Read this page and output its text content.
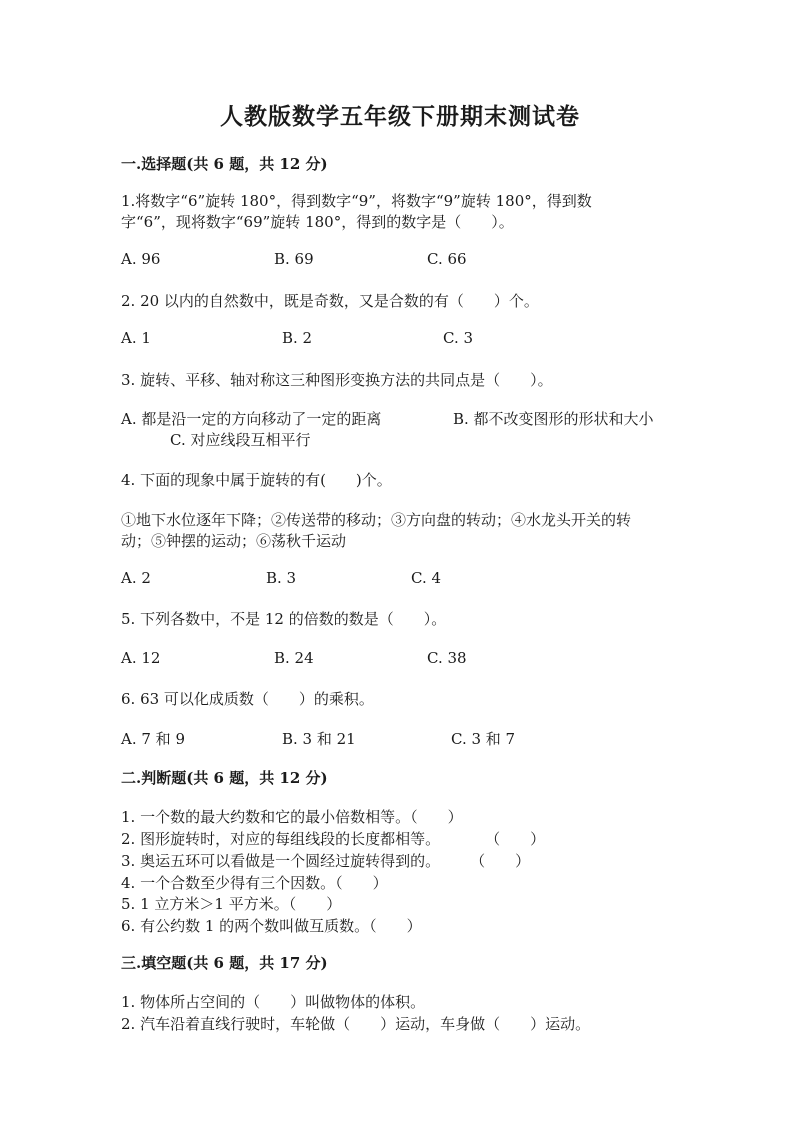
人教版数学五年级下册期末测试卷
一.选择题(共 6 题，共 12 分)
1.将数字“6”旋转 180°，得到数字“9”，将数字“9”旋转 180°，得到数
字“6”，现将数字“69”旋转 180°，得到的数字是（　　）。
A. 96	B. 69	C. 66
2. 20 以内的自然数中，既是奇数，又是合数的有（　　）个。
A. 1	B. 2	C. 3
3. 旋转、平移、轴对称这三种图形变换方法的共同点是（　　）。
A. 都是沿一定的方向移动了一定的距离	B. 都不改变图形的形状和大小
C. 对应线段互相平行
4. 下面的现象中属于旋转的有(　　)个。
①地下水位逐年下降；②传送带的移动；③方向盘的转动；④水龙头开关的转
动；⑤钟摆的运动；⑥荡秋千运动
A. 2	B. 3	C. 4
5. 下列各数中，不是 12 的倍数的数是（　　）。
A. 12	B. 24	C. 38
6. 63 可以化成质数（　　）的乘积。
A. 7 和 9	B. 3 和 21	C. 3 和 7
二.判断题(共 6 题，共 12 分)
1. 一个数的最大约数和它的最小倍数相等。（　　）
2. 图形旋转时，对应的每组线段的长度都相等。　　　　（　　）
3. 奥运五环可以看做是一个圆经过旋转得到的。　　　（　　）
4. 一个合数至少得有三个因数。（　　）
5. 1 立方米＞1 平方米。（　　）
6. 有公约数 1 的两个数叫做互质数。（　　）
三.填空题(共 6 题，共 17 分)
1. 物体所占空间的（　　）叫做物体的体积。
2. 汽车沿着直线行驶时，车轮做（　　）运动，车身做（　　）运动。
